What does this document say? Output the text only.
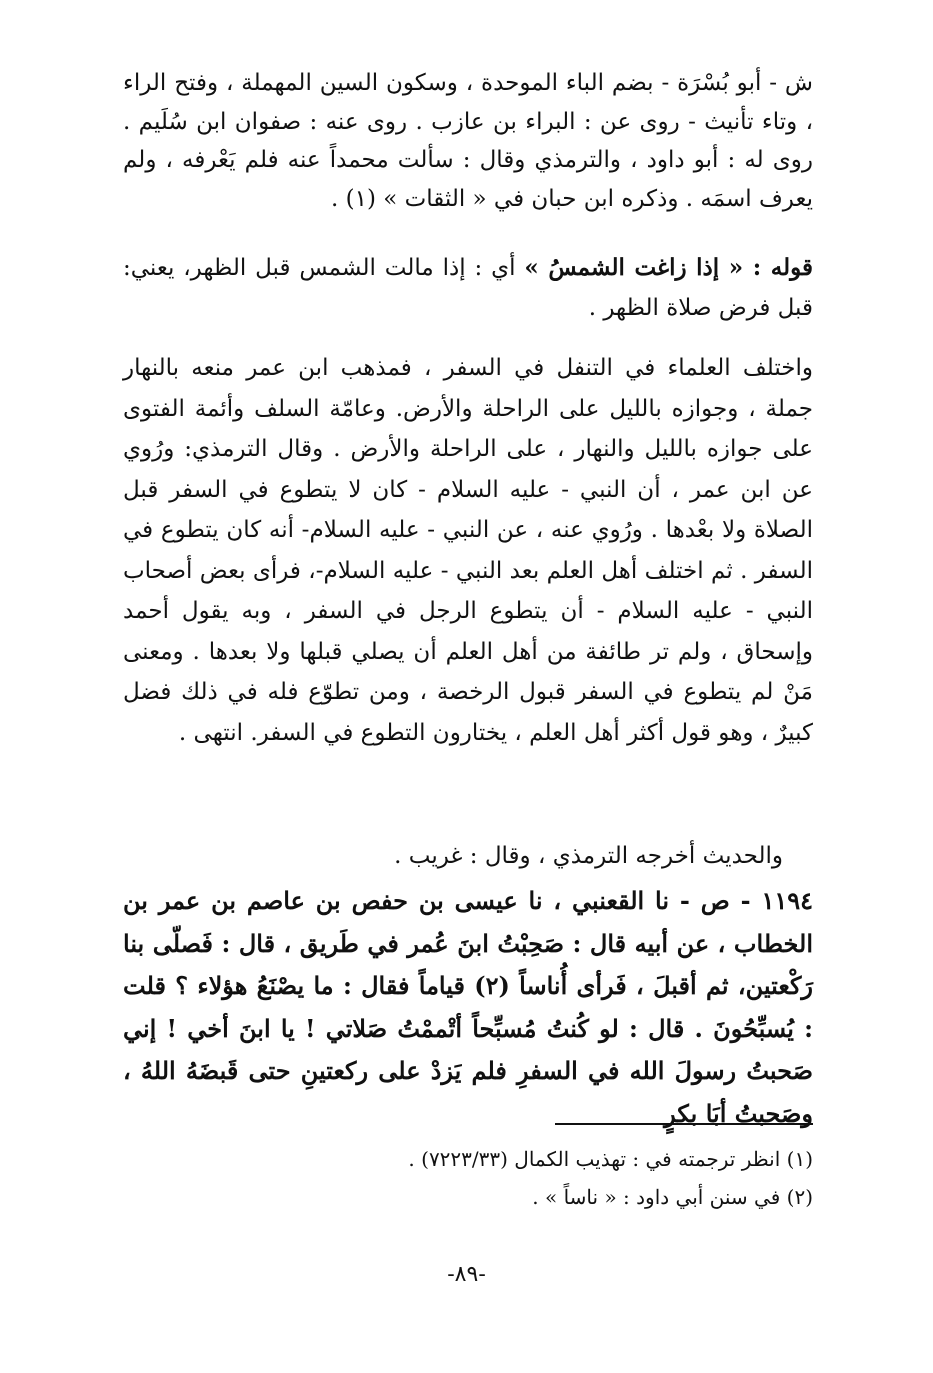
ش - أبو بُسْرَة - بضم الباء الموحدة ، وسكون السين المهملة ، وفتح الراء ، وتاء تأنيث - روى عن : البراء بن عازب . روى عنه : صفوان ابن سُلَيم . روى له : أبو داود ، والترمذي وقال : سألت محمداً عنه فلم يَعْرفه ، ولم يعرف اسمَه . وذكره ابن حبان في « الثقات » (١) .
قوله : « إذا زاغت الشمسُ » أي : إذا مالت الشمس قبل الظهر، يعني: قبل فرض صلاة الظهر .
واختلف العلماء في التنفل في السفر ، فمذهب ابن عمر منعه بالنهار جملة ، وجوازه بالليل على الراحلة والأرض. وعامّة السلف وأئمة الفتوى على جوازه بالليل والنهار ، على الراحلة والأرض . وقال الترمذي: ورُوي عن ابن عمر ، أن النبي - عليه السلام - كان لا يتطوع في السفر قبل الصلاة ولا بعْدها . ورُوي عنه ، عن النبي - عليه السلام- أنه كان يتطوع في السفر . ثم اختلف أهل العلم بعد النبي - عليه السلام-، فرأى بعض أصحاب النبي - عليه السلام - أن يتطوع الرجل في السفر ، وبه يقول أحمد وإسحاق ، ولم تر طائفة من أهل العلم أن يصلي قبلها ولا بعدها . ومعنى مَنْ لم يتطوع في السفر قبول الرخصة ، ومن تطوّع فله في ذلك فضل كبيرٌ ، وهو قول أكثر أهل العلم ، يختارون التطوع في السفر. انتهى .
والحديث أخرجه الترمذي ، وقال : غريب .
١١٩٤ - ص - نا القعنبي ، نا عيسى بن حفص بن عاصم بن عمر بن الخطاب ، عن أبيه قال : صَحِبْتُ ابنَ عُمر في طَريق ، قال : فَصلّى بنا رَكْعتين، ثم أقبلَ ، فَرأى أُناساً (٢) قياماً فقال : ما يصْنَعُ هؤلاء ؟ قلت : يُسبِّحُونَ . قال : لو كُنتُ مُسبِّحاً أتْممْتُ صَلاتي ! يا ابنَ أخي ! إني صَحبتُ رسولَ الله في السفرِ فلم يَزدْ على ركعتينِ حتى قَبضَهُ اللهُ ، وصَحبتُ أبَا بكرٍ
(١) انظر ترجمته في : تهذيب الكمال (٧٢٢٣/٣٣) .
(٢) في سنن أبي داود : « ناساً » .
-٨٩-
